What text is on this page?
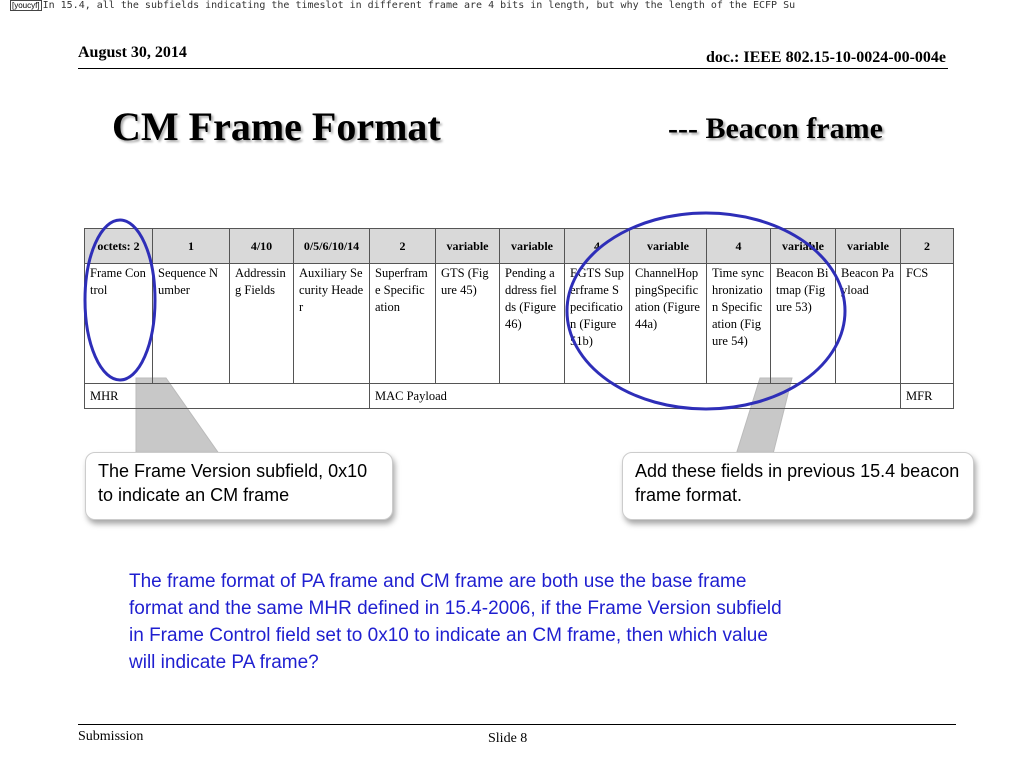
[youcyf] In 15.4, all the subfields indicating the timeslot in different frame are 4 bits in length, but why the length of the ECFP Su
August 30, 2014	doc.: IEEE 802.15-10-0024-00-004e
CM Frame Format	--- Beacon frame
octets: 2	1	4/10	0/5/6/10/14	2	variable	variable	4	variable	4	variable	variable	2
Frame Control	Sequence Number	Addressing Fields	Auxiliary Security Header	Superframe Specification	GTS (Figure 45)	Pending address fields (Figure 46)	EGTS Superframe Specification (Figure 51b)	ChannelHoppingSpecification (Figure 44a)	Time synchronization Specification (Figure 54)	Beacon Bitmap (Figure 53)	Beacon Payload	FCS
MHR				MAC Payload								MFR
The Frame Version subfield, 0x10 to indicate an CM frame
Add these fields in previous 15.4 beacon frame format.
The frame format of PA frame and CM frame are both use the base frame format and the same MHR defined in 15.4-2006, if the Frame Version subfield in Frame Control field set to 0x10 to indicate an CM frame, then which value will indicate PA frame?
Submission	Slide 8
